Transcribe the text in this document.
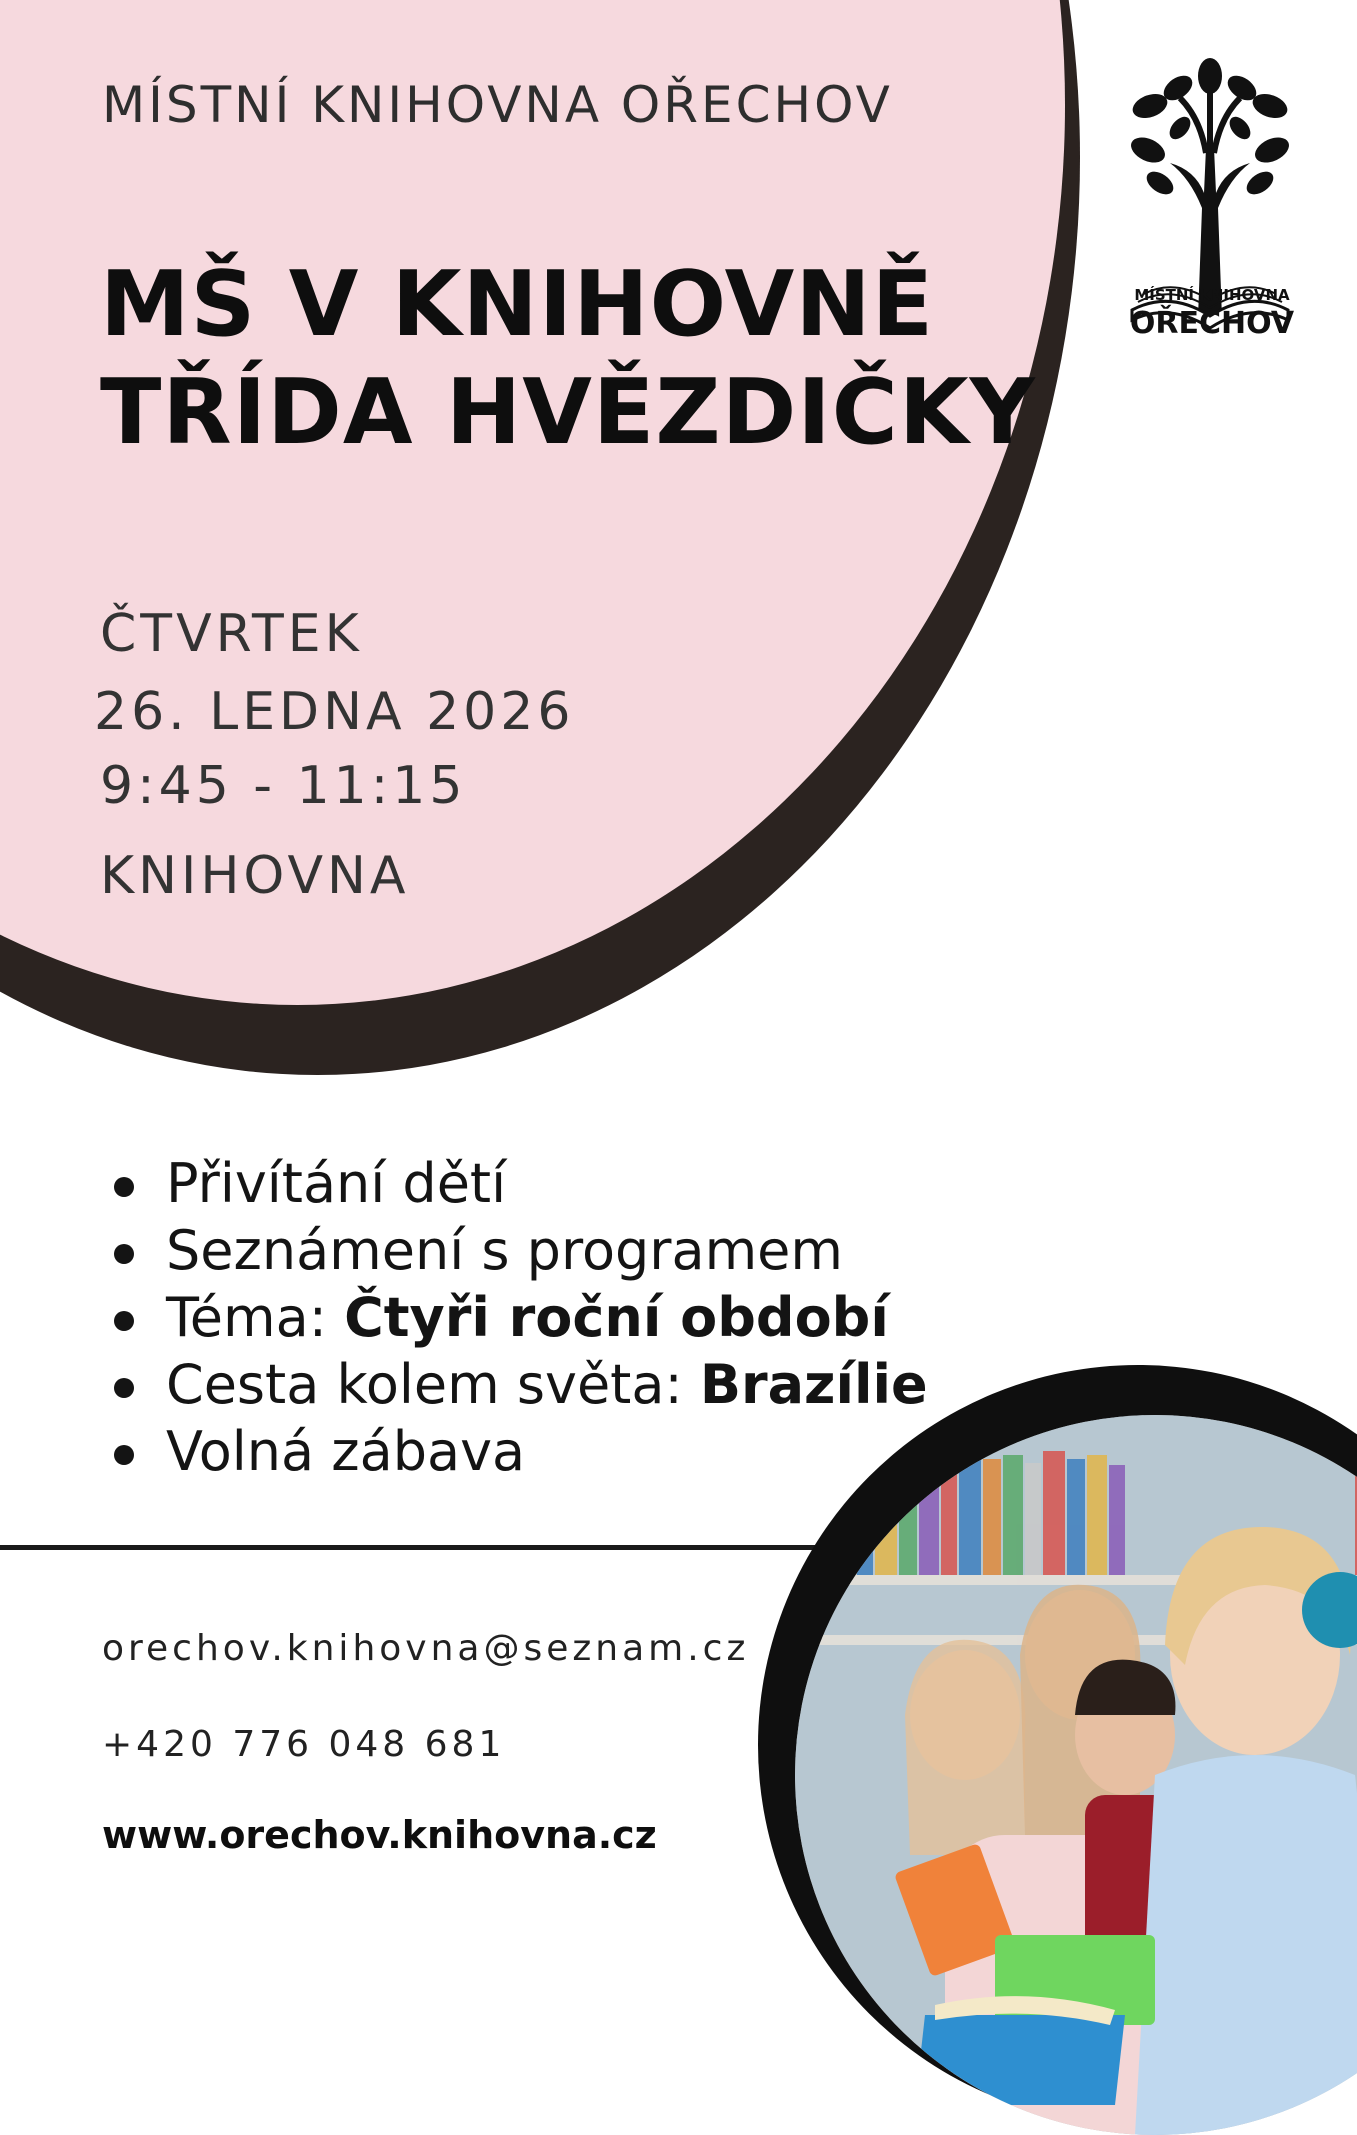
MÍSTNÍ KNIHOVNA OŘECHOV
MŠ V KNIHOVNĚ
TŘÍDA HVĚZDIČKY
ČTVRTEK
26. LEDNA 2026
9:45 - 11:15
KNIHOVNA
MÍSTNÍ KNIHOVNA
OŘECHOV
Přivítání dětí
Seznámení s programem
Téma: Čtyři roční období
Cesta kolem světa: Brazílie
Volná zábava
orechov.knihovna@seznam.cz
+420 776 048 681
www.orechov.knihovna.cz
